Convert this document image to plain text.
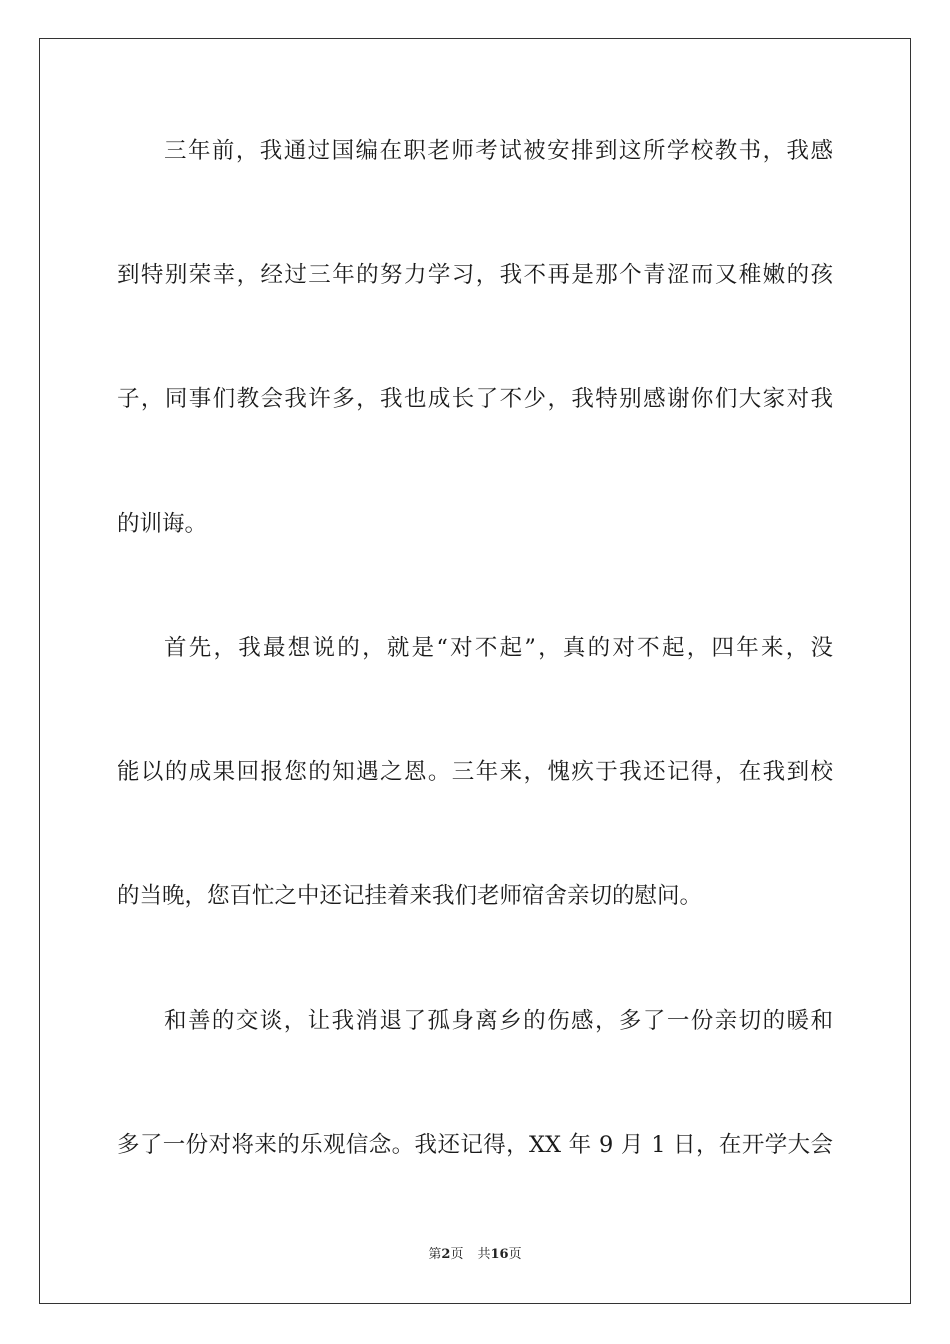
三年前，我通过国编在职老师考试被安排到这所学校教书，我感
到特别荣幸，经过三年的努力学习，我不再是那个青涩而又稚嫩的孩
子，同事们教会我许多，我也成长了不少，我特别感谢你们大家对我
的训诲。
首先，我最想说的，就是“对不起”，真的对不起，四年来，没
能以的成果回报您的知遇之恩。三年来，愧疚于我还记得，在我到校
的当晚，您百忙之中还记挂着来我们老师宿舍亲切的慰问。
和善的交谈，让我消退了孤身离乡的伤感，多了一份亲切的暖和
多了一份对将来的乐观信念。我还记得，XX 年 9 月 1 日，在开学大会
第2页 共16页
